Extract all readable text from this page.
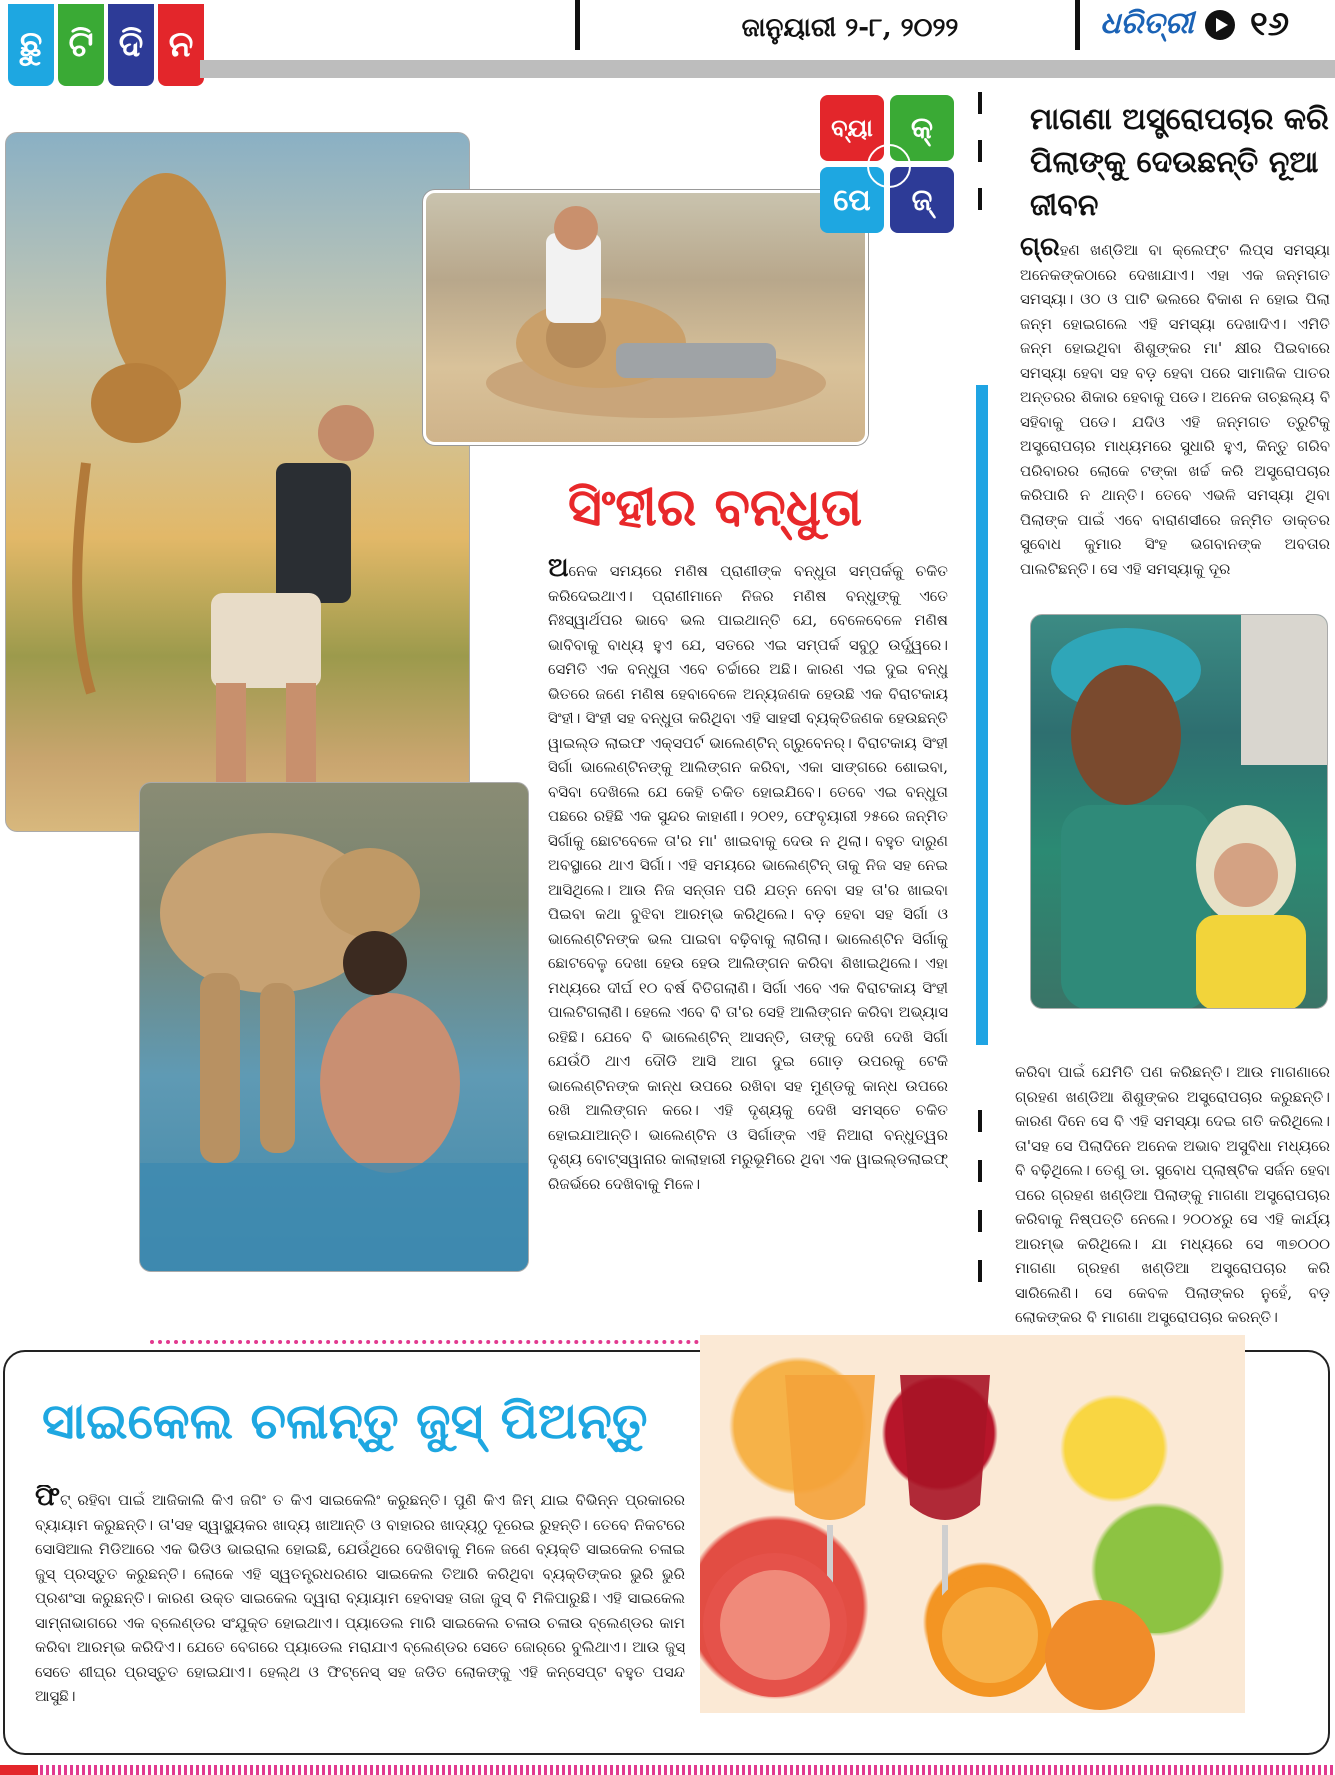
ଛୁ ଟି ଦି ନ	ଜାନୁୟାରୀ ୨-୮, ୨୦୨୨	ଧରିତ୍ରୀ ୧୬
ବ୍ୟା	କ୍
ପେ	ଜ୍
ସିଂହୀର ବନ୍ଧୁତା
ଅନେକ ସମୟରେ ମଣିଷ ପ୍ରାଣୀଙ୍କ ବନ୍ଧୁତା ସମ୍ପର୍କକୁ ଚକିତ କରିଦେଇଥାଏ। ପ୍ରାଣୀମାନେ ନିଜର ମଣିଷ ବନ୍ଧୁଙ୍କୁ ଏତେ ନିଃସ୍ୱାର୍ଥପର ଭାବେ ଭଲ ପାଇଥାନ୍ତି ଯେ, ବେଳେବେଳେ ମଣିଷ ଭାବିବାକୁ ବାଧ୍ୟ ହୁଏ ଯେ, ସତରେ ଏଇ ସମ୍ପର୍କ ସବୁଠୁ ଉର୍ଦ୍ଧ୍ୱରେ। ସେମିତି ଏକ ବନ୍ଧୁତା ଏବେ ଚର୍ଚ୍ଚାରେ ଅଛି। କାରଣ ଏଇ ଦୁଇ ବନ୍ଧୁ ଭିତରେ ଜଣେ ମଣିଷ ହେବାବେଳେ ଅନ୍ୟଜଣକ ହେଉଛି ଏକ ବିରାଟକାୟ ସିଂହୀ। ସିଂହୀ ସହ ବନ୍ଧୁତା କରିଥିବା ଏହି ସାହସୀ ବ୍ୟକ୍ତିଜଣକ ହେଉଛନ୍ତି ୱାଇଲ୍ଡ ଲାଇଫ ଏକ୍ସପର୍ଟ ଭାଲେଣ୍ଟିନ୍ ଗ୍ରୁବେନର୍। ବିରାଟକାୟ ସିଂହୀ ସିର୍ଗା ଭାଲେଣ୍ଟିନଙ୍କୁ ଆଲିଙ୍ଗନ କରିବା, ଏକା ସାଙ୍ଗରେ ଶୋଇବା, ବସିବା ଦେଖିଲେ ଯେ କେହି ଚକିତ ହୋଇଯିବେ। ତେବେ ଏଇ ବନ୍ଧୁତା ପଛରେ ରହିଛି ଏକ ସୁନ୍ଦର କାହାଣୀ। ୨୦୧୨, ଫେବୃୟାରୀ ୨୫ରେ ଜନ୍ମିତ ସିର୍ଗାକୁ ଛୋଟବେଳେ ତା'ର ମା' ଖାଇବାକୁ ଦେଉ ନ ଥିଲା। ବହୁତ ଦାରୁଣ ଅବସ୍ଥାରେ ଥାଏ ସିର୍ଗା। ଏହି ସମୟରେ ଭାଲେଣ୍ଟିନ୍ ତାକୁ ନିଜ ସହ ନେଇ ଆସିଥିଲେ। ଆଉ ନିଜ ସନ୍ତାନ ପରି ଯତ୍ନ ନେବା ସହ ତା'ର ଖାଇବା ପିଇବା କଥା ବୁଝିବା ଆରମ୍ଭ କରିଥିଲେ। ବଡ଼ ହେବା ସହ ସିର୍ଗା ଓ ଭାଲେଣ୍ଟିନଙ୍କ ଭଲ ପାଇବା ବଢ଼ିବାକୁ ଲାଗିଲା। ଭାଲେଣ୍ଟିନ ସିର୍ଗାକୁ ଛୋଟବେଳୁ ଦେଖା ହେଉ ହେଉ ଆଲିଙ୍ଗନ କରିବା ଶିଖାଇଥିଲେ। ଏହା ମଧ୍ୟରେ ଦୀର୍ଘ ୧୦ ବର୍ଷ ବିତିଗଲାଣି। ସିର୍ଗା ଏବେ ଏକ ବିରାଟକାୟ ସିଂହୀ ପାଲଟିଗଲାଣି। ହେଲେ ଏବେ ବି ତା'ର ସେହି ଆଲିଙ୍ଗନ କରିବା ଅଭ୍ୟାସ ରହିଛି। ଯେବେ ବି ଭାଲେଣ୍ଟିନ୍ ଆସନ୍ତି, ତାଙ୍କୁ ଦେଖି ଦେଖି ସିର୍ଗା ଯେଉଁଠି ଥାଏ ଦୌଡି ଆସି ଆଗ ଦୁଇ ଗୋଡ଼ ଉପରକୁ ଟେକି ଭାଲେଣ୍ଟିନଙ୍କ କାନ୍ଧ ଉପରେ ରଖିବା ସହ ମୁଣ୍ଡକୁ କାନ୍ଧ ଉପରେ ରଖି ଆଲିଙ୍ଗନ କରେ। ଏହି ଦୃଶ୍ୟକୁ ଦେଖି ସମସ୍ତେ ଚକିତ ହୋଇଯାଆନ୍ତି। ଭାଲେଣ୍ଟିନ ଓ ସିର୍ଗାଙ୍କ ଏହି ନିଆରା ବନ୍ଧୁତ୍ୱର ଦୃଶ୍ୟ ବୋଟ୍ସୱାନାର କାଲାହାରୀ ମରୁଭୂମିରେ ଥିବା ଏକ ୱାଇଲ୍ଡଲାଇଫ୍ ରିଜର୍ଭରେ ଦେଖିବାକୁ ମିଳେ।
ମାଗଣା ଅସ୍ତ୍ରୋପଚାର କରି ପିଲାଙ୍କୁ ଦେଉଛନ୍ତି ନୂଆ ଜୀବନ
ଗ୍ରହଣ ଖଣ୍ଡିଆ ବା କ୍ଲେଫ୍ଟ ଲିପ୍ସ ସମସ୍ୟା ଅନେକଙ୍କଠାରେ ଦେଖାଯାଏ। ଏହା ଏକ ଜନ୍ମଗତ ସମସ୍ୟା। ଓଠ ଓ ପାଟି ଭଲରେ ବିକାଶ ନ ହୋଇ ପିଲା ଜନ୍ମ ହୋଇଗଲେ ଏହି ସମସ୍ୟା ଦେଖାଦିଏ। ଏମିତି ଜନ୍ମ ହୋଇଥିବା ଶିଶୁଙ୍କର ମା' କ୍ଷୀର ପିଇବାରେ ସମସ୍ୟା ହେବା ସହ ବଡ଼ ହେବା ପରେ ସାମାଜିକ ପାତର ଅନ୍ତରର ଶିକାର ହେବାକୁ ପଡେ। ଅନେକ ତାଚ୍ଛଲ୍ୟ ବି ସହିବାକୁ ପଡେ। ଯଦିଓ ଏହି ଜନ୍ମଗତ ତ୍ରୁଟିକୁ ଅସ୍ତ୍ରୋପଚାର ମାଧ୍ୟମରେ ସୁଧାରି ହୁଏ, କିନ୍ତୁ ଗରିବ ପରିବାରର ଲୋକେ ଟଙ୍କା ଖର୍ଚ୍ଚ କରି ଅସ୍ତ୍ରୋପଚାର କରିପାରି ନ ଥାନ୍ତି। ତେବେ ଏଭଳି ସମସ୍ୟା ଥିବା ପିଲାଙ୍କ ପାଇଁ ଏବେ ବାରାଣସୀରେ ଜନ୍ମିତ ଡାକ୍ତର ସୁବୋଧ କୁମାର ସିଂହ ଭଗବାନଙ୍କ ଅବତାର ପାଲଟିଛନ୍ତି। ସେ ଏହି ସମସ୍ୟାକୁ ଦୂର
କରିବା ପାଇଁ ଯେମିତି ପଣ କରିଛନ୍ତି। ଆଉ ମାଗଣାରେ ଗ୍ରହଣ ଖଣ୍ଡିଆ ଶିଶୁଙ୍କର ଅସ୍ତ୍ରୋପଚାର କରୁଛନ୍ତି। କାରଣ ଦିନେ ସେ ବି ଏହି ସମସ୍ୟା ଦେଇ ଗତି କରିଥିଲେ। ତା'ସହ ସେ ପିଲାଦିନେ ଅନେକ ଅଭାବ ଅସୁବିଧା ମଧ୍ୟରେ ବି ବଢ଼ିଥିଲେ। ତେଣୁ ଡା. ସୁବୋଧ ପ୍ଲାଷ୍ଟିକ ସର୍ଜନ ହେବା ପରେ ଗ୍ରହଣ ଖଣ୍ଡିଆ ପିଲାଙ୍କୁ ମାଗଣା ଅସ୍ତ୍ରୋପଚାର କରିବାକୁ ନିଷ୍ପତ୍ତି ନେଲେ। ୨୦୦୪ରୁ ସେ ଏହି କାର୍ଯ୍ୟ ଆରମ୍ଭ କରିଥିଲେ। ଯା ମଧ୍ୟରେ ସେ ୩୭୦୦୦ ମାଗଣା ଗ୍ରହଣ ଖଣ୍ଡିଆ ଅସ୍ତ୍ରୋପଚାର କରି ସାରିଲେଣି। ସେ କେବଳ ପିଲାଙ୍କର ନୁହେଁ, ବଡ଼ ଲୋକଙ୍କର ବି ମାଗଣା ଅସ୍ତ୍ରୋପଚାର କରନ୍ତି।
ସାଇକେଲ ଚଳାନ୍ତୁ ଜୁସ୍ ପିଅନ୍ତୁ
ଫିଟ୍ ରହିବା ପାଇଁ ଆଜିକାଲି କିଏ ଜଗିଂ ତ କିଏ ସାଇକେଲିଂ କରୁଛନ୍ତି। ପୁଣି କିଏ ଜିମ୍ ଯାଇ ବିଭିନ୍ନ ପ୍ରକାରର ବ୍ୟାୟାମ କରୁଛନ୍ତି। ତା'ସହ ସ୍ୱାସ୍ଥ୍ୟକର ଖାଦ୍ୟ ଖାଆନ୍ତି ଓ ବାହାରର ଖାଦ୍ୟଠୁ ଦୂରେଇ ରୁହନ୍ତି। ତେବେ ନିକଟରେ ସୋସିଆଲ ମିଡିଆରେ ଏକ ଭିଡିଓ ଭାଇରାଲ ହୋଇଛି, ଯେଉଁଥିରେ ଦେଖିବାକୁ ମିଳେ ଜଣେ ବ୍ୟକ୍ତି ସାଇକେଲ ଚଳାଇ ଜୁସ୍ ପ୍ରସ୍ତୁତ କରୁଛନ୍ତି। ଲୋକେ ଏହି ସ୍ୱତନ୍ତ୍ରଧରଣର ସାଇକେଲ ତିଆରି କରିଥିବା ବ୍ୟକ୍ତିଙ୍କର ଭୁରି ଭୁରି ପ୍ରଶଂସା କରୁଛନ୍ତି। କାରଣ ଉକ୍ତ ସାଇକେଲ ଦ୍ୱାରା ବ୍ୟାୟାମ ହେବାସହ ତାଜା ଜୁସ୍ ବି ମିଳିପାରୁଛି। ଏହି ସାଇକେଲ ସାମ୍ନାଭାଗରେ ଏକ ବ୍ଲେଣ୍ଡର ସଂଯୁକ୍ତ ହୋଇଥାଏ। ପ୍ୟାଡେଲ ମାରି ସାଇକେଲ ଚଳାଉ ଚଳାଉ ବ୍ଲେଣ୍ଡର କାମ କରିବା ଆରମ୍ଭ କରିଦିଏ। ଯେତେ ବେଗରେ ପ୍ୟାଡେଲ ମରାଯାଏ ବ୍ଲେଣ୍ଡର ସେତେ ଜୋର୍‌ରେ ବୁଲିଥାଏ। ଆଉ ଜୁସ୍ ସେତେ ଶୀଘ୍ର ପ୍ରସ୍ତୁତ ହୋଇଯାଏ। ହେଲ୍ଥ ଓ ଫିଟ୍‌ନେସ୍ ସହ ଜଡିତ ଲୋକଙ୍କୁ ଏହି କନ୍‌ସେପ୍ଟ ବହୁତ ପସନ୍ଦ ଆସୁଛି।
